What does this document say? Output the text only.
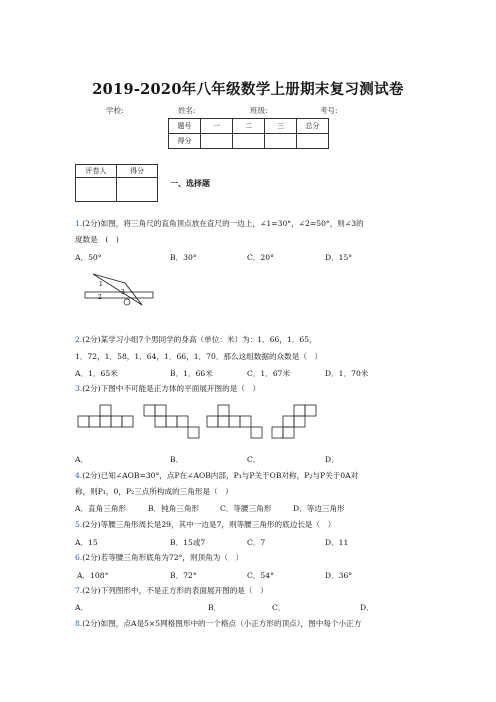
2019-2020年八年级数学上册期末复习测试卷
学校:	姓名:	班级:	考号:
题号	一	二	三	总分
得分				
评卷人	得分

一、选择题
1.(2分)如图，将三角尺的直角顶点放在直尺的一边上，∠1=30°，∠2=50°，则∠3的
度数是　(　)
A．50°	B．30°	C．20°	D．15°
1
2
3
2.(2分)某学习小组7个男同学的身高（单位：米）为：1．66，1．65，
1．72，1．58，1．64，1．66，1．70．那么这组数据的众数是（　）
A．1．65米	B．1．66米	C．1．67米	D．1．70米
3.(2分)下图中不可能是正方体的平面展开图的是（　）
A．	B．	C．	D．
4.(2分)已知∠AOB=30°，点P在∠AOB内部，P₁与P关于OB对称，P₂与P关于0A对
称，则P₁，0，P₂三点所构成的三角形是（　）
A．直角三角形	B．钝角三角形	C．等腰三角形	D．等边三角形
5.(2分)等腰三角形周长是29，其中一边是7，则等腰三角形的底边长是（　）
A．15	B．15或7	C．7	D．11
6.(2分)若等腰三角形底角为72°，则顶角为（　）
A．108°	B．72°	C．54°	D．36°
7.(2分)下列图形中，不是正方形的表面展开图的是（　）
A．	B．	C．	D．
8.(2分)如图，点A是5×5网格图形中的一个格点（小正方形的顶点），图中每个小正方
